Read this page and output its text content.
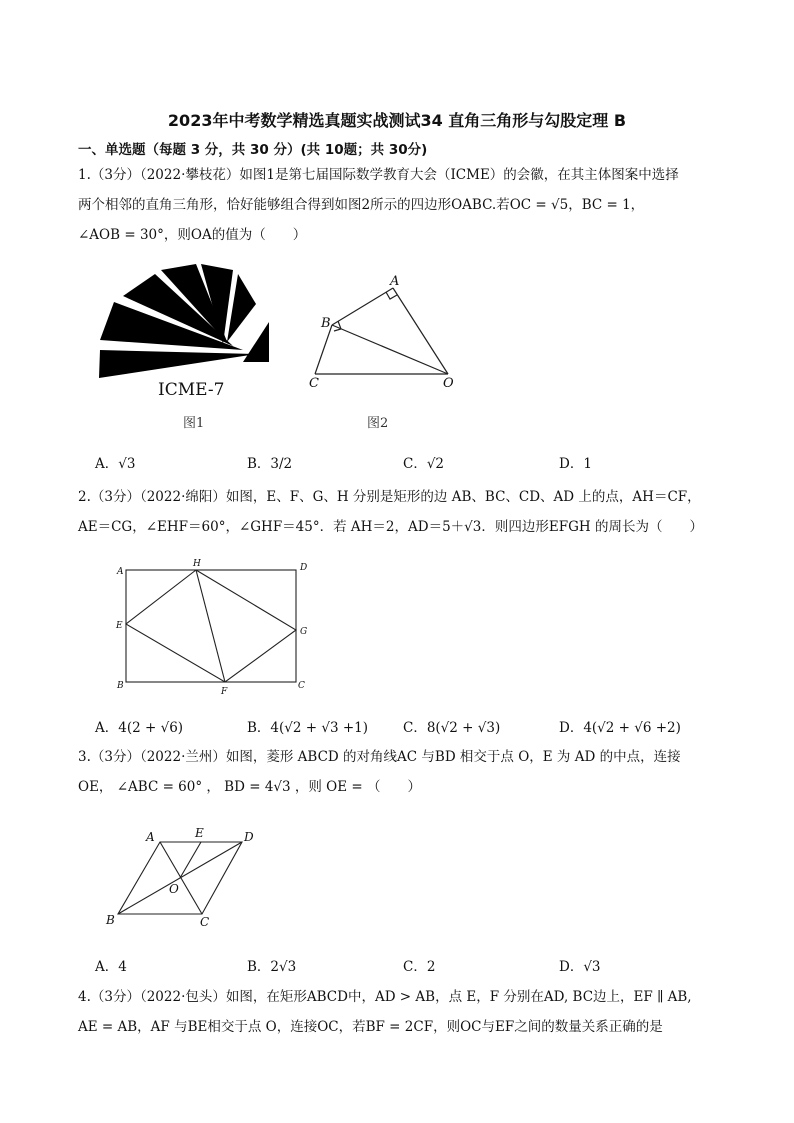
2023年中考数学精选真题实战测试34 直角三角形与勾股定理 B
一、单选题（每题 3 分，共 30 分）(共 10题；共 30分)
1.（3分）（2022·攀枝花）如图1是第七届国际数学教育大会（ICME）的会徽，在其主体图案中选择
两个相邻的直角三角形，恰好能够组合得到如图2所示的四边形OABC.若OC = √5，BC = 1，
∠AOB = 30°，则OA的值为（　　）
ICME-7
图1
A
B
C	O
图2
A．√3	B．3/2	C．√2	D．1
2.（3分）（2022·绵阳）如图，E、F、G、H 分别是矩形的边 AB、BC、CD、AD 上的点，AH＝CF，
AE＝CG，∠EHF＝60°，∠GHF＝45°．若 AH＝2，AD＝5＋√3．则四边形EFGH 的周长为（　　）
A
H	D
E
G
B
F
C
A．4(2 + √6)	B．4(√2 + √3 +1)	C．8(√2 + √3)	D．4(√2 + √6 +2)
3.（3分）（2022·兰州）如图，菱形 ABCD 的对角线AC 与BD 相交于点 O，E 为 AD 的中点，连接
OE， ∠ABC = 60° ， BD = 4√3 ，则 OE = （　　）
A	E	D
O
B	C
A．4	B．2√3	C．2	D．√3
4.（3分）（2022·包头）如图，在矩形ABCD中，AD > AB，点 E，F 分别在AD, BC边上，EF ∥ AB,
AE = AB，AF 与BE相交于点 O，连接OC，若BF = 2CF，则OC与EF之间的数量关系正确的是
